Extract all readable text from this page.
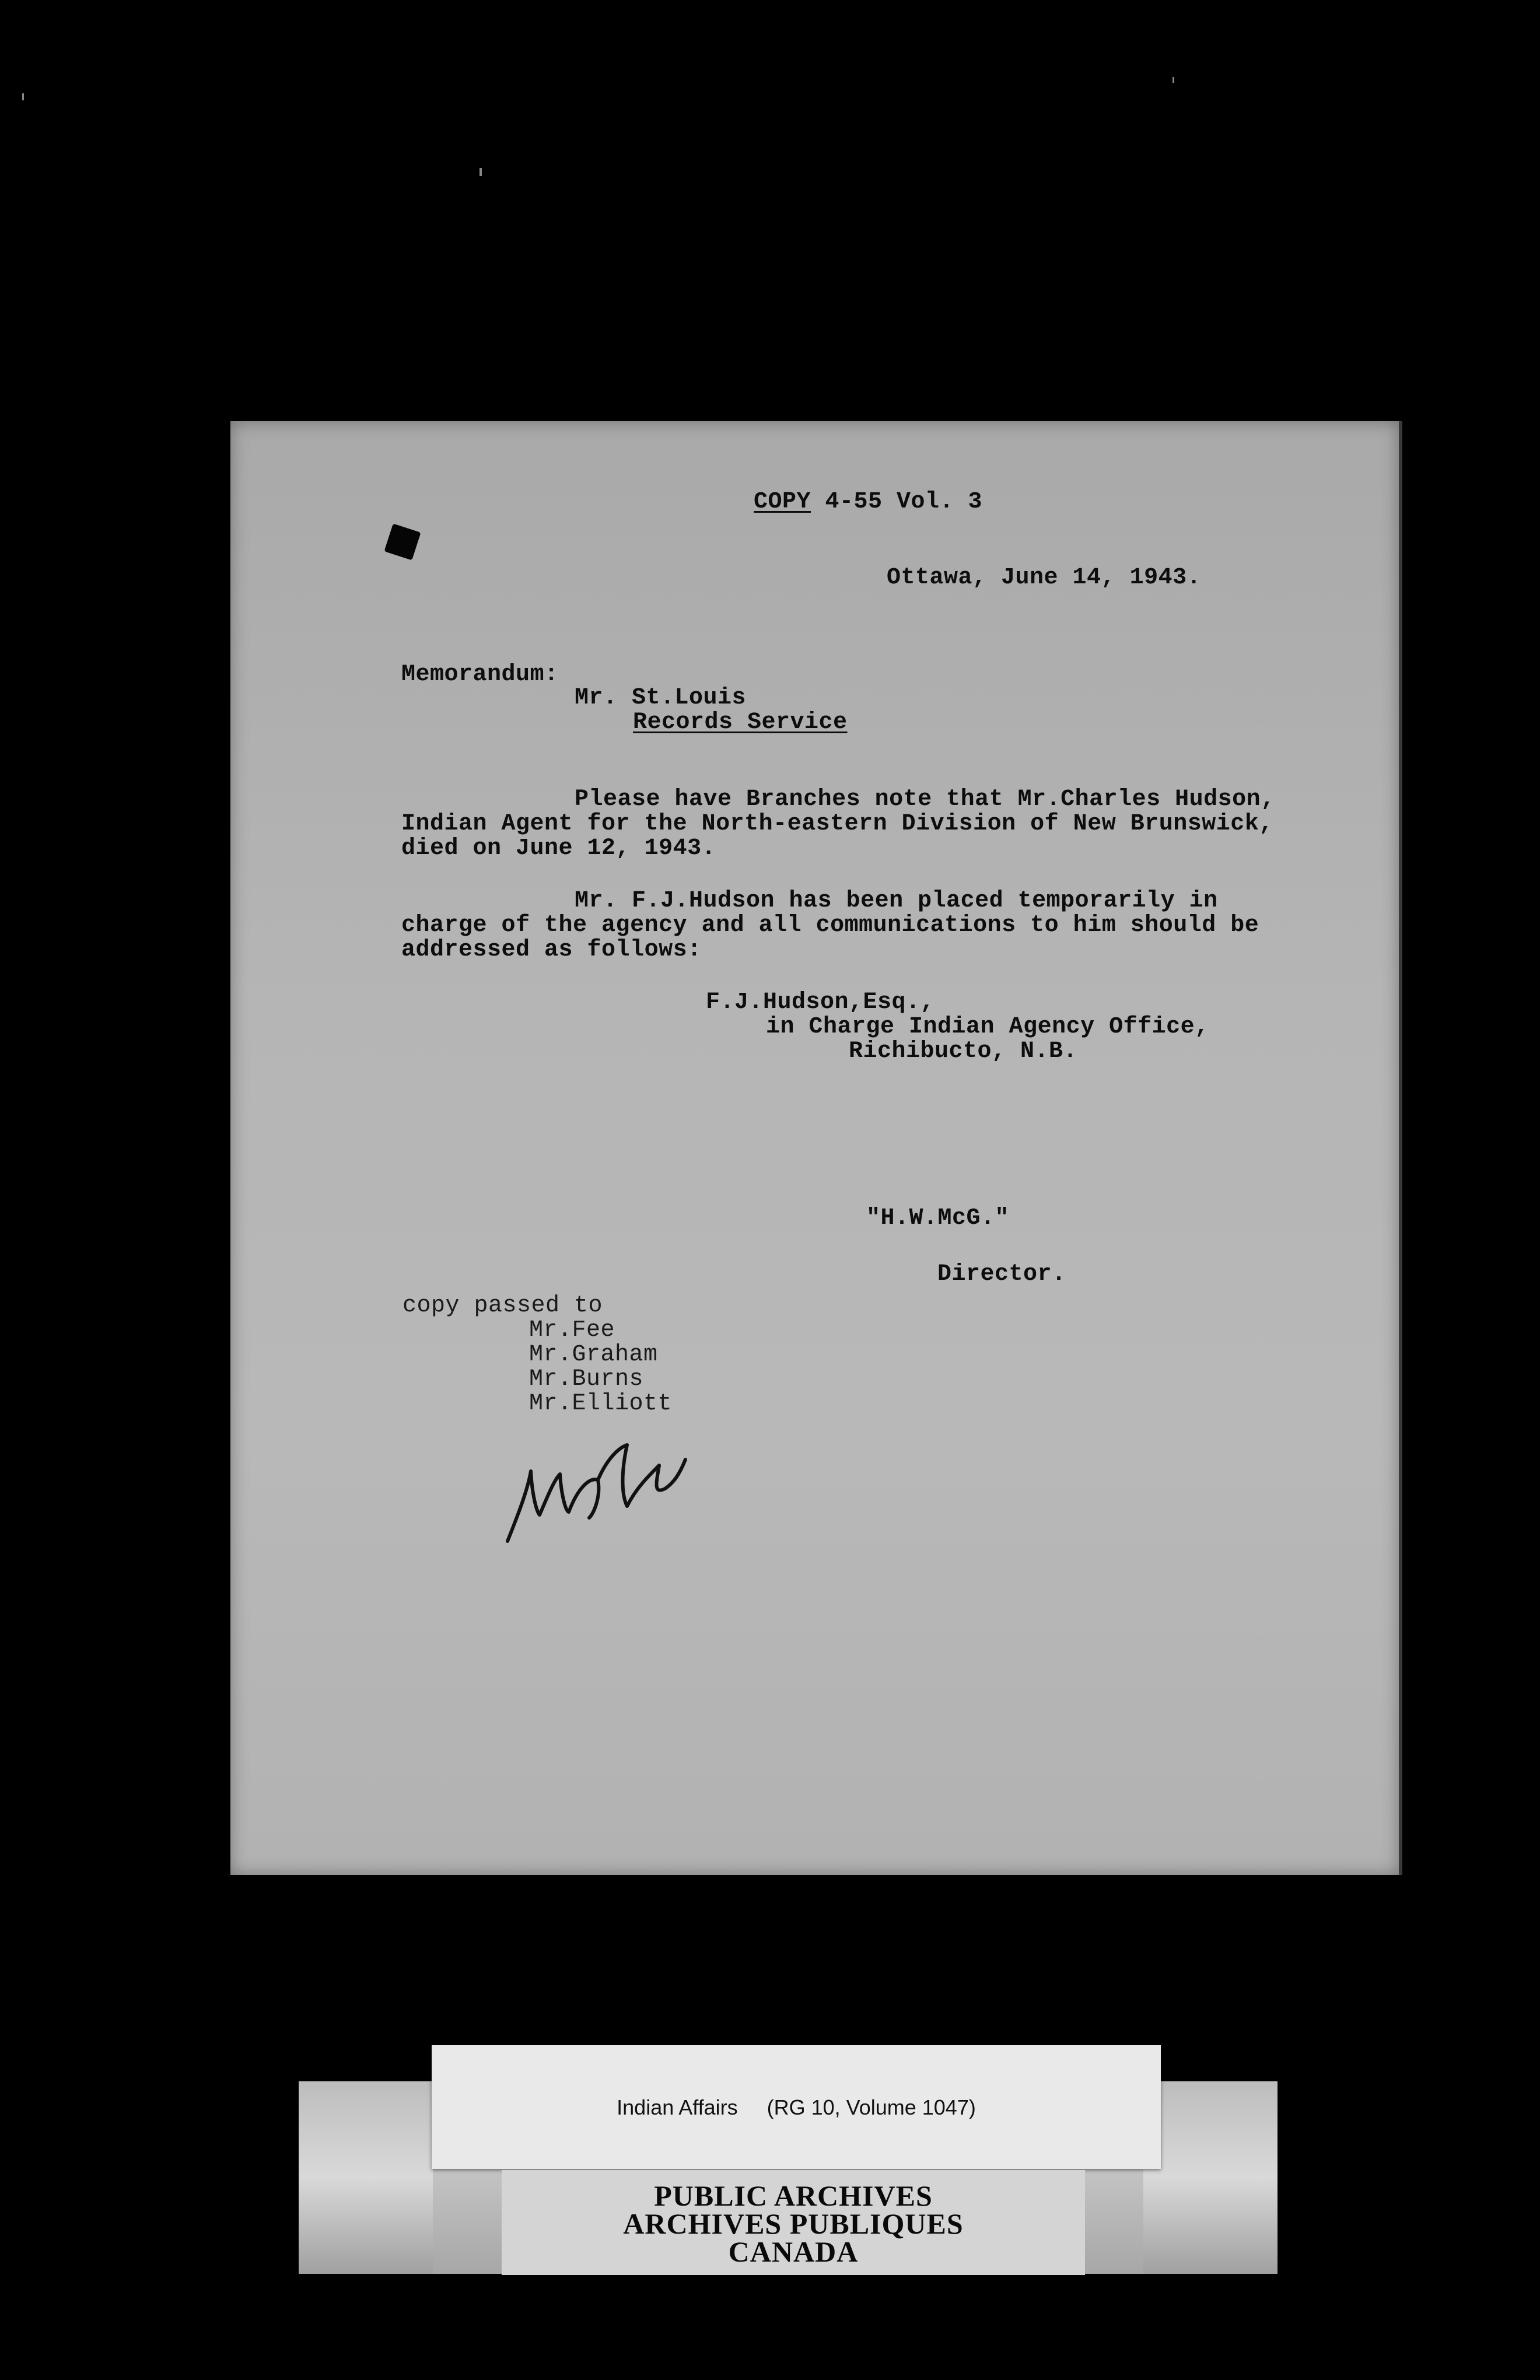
COPY 4-55 Vol. 3
Ottawa, June 14, 1943.
Memorandum:
Mr. St.Louis
Records Service
Please have Branches note that Mr.Charles Hudson,
Indian Agent for the North-eastern Division of New Brunswick,
died on June 12, 1943.
Mr. F.J.Hudson has been placed temporarily in
charge of the agency and all communications to him should be
addressed as follows:
F.J.Hudson,Esq.,
in Charge Indian Agency Office,
Richibucto, N.B.
"H.W.McG."
Director.
copy passed to
Mr.Fee
Mr.Graham
Mr.Burns
Mr.Elliott
Indian Affairs     (RG 10, Volume 1047)
PUBLIC ARCHIVES
ARCHIVES PUBLIQUES
CANADA
